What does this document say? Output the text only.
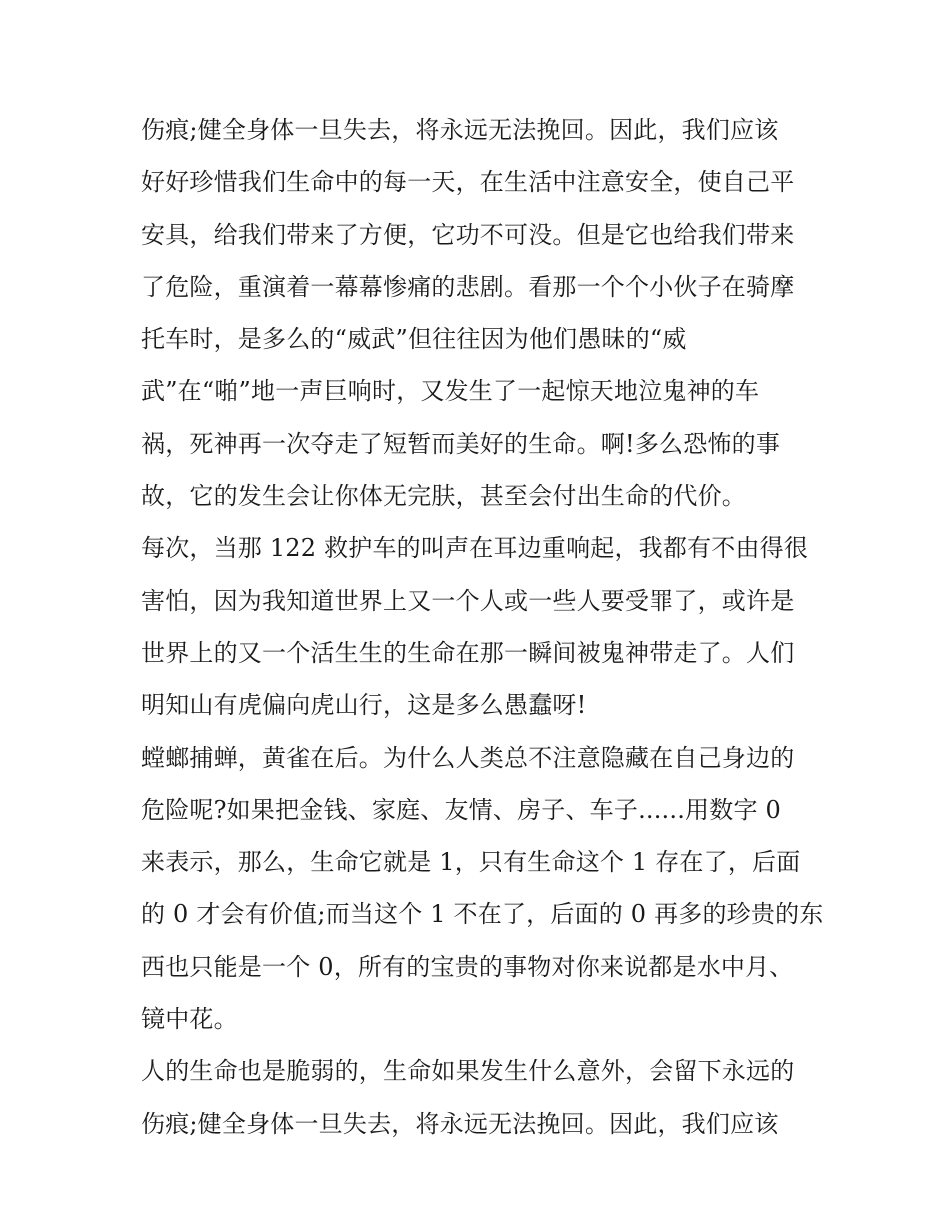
伤痕;健全身体一旦失去，将永远无法挽回。因此，我们应该
好好珍惜我们生命中的每一天，在生活中注意安全，使自己平
安具，给我们带来了方便，它功不可没。但是它也给我们带来
了危险，重演着一幕幕惨痛的悲剧。看那一个个小伙子在骑摩
托车时，是多么的“威武”但往往因为他们愚昧的“威
武”在“啪”地一声巨响时，又发生了一起惊天地泣鬼神的车
祸，死神再一次夺走了短暂而美好的生命。啊!多么恐怖的事
故，它的发生会让你体无完肤，甚至会付出生命的代价。
每次，当那 122 救护车的叫声在耳边重响起，我都有不由得很
害怕，因为我知道世界上又一个人或一些人要受罪了，或许是
世界上的又一个活生生的生命在那一瞬间被鬼神带走了。人们
明知山有虎偏向虎山行，这是多么愚蠢呀!
螳螂捕蝉，黄雀在后。为什么人类总不注意隐藏在自己身边的
危险呢?如果把金钱、家庭、友情、房子、车子......用数字 0
来表示，那么，生命它就是 1，只有生命这个 1 存在了，后面
的 0 才会有价值;而当这个 1 不在了，后面的 0 再多的珍贵的东
西也只能是一个 0，所有的宝贵的事物对你来说都是水中月、
镜中花。
人的生命也是脆弱的，生命如果发生什么意外，会留下永远的
伤痕;健全身体一旦失去，将永远无法挽回。因此，我们应该
